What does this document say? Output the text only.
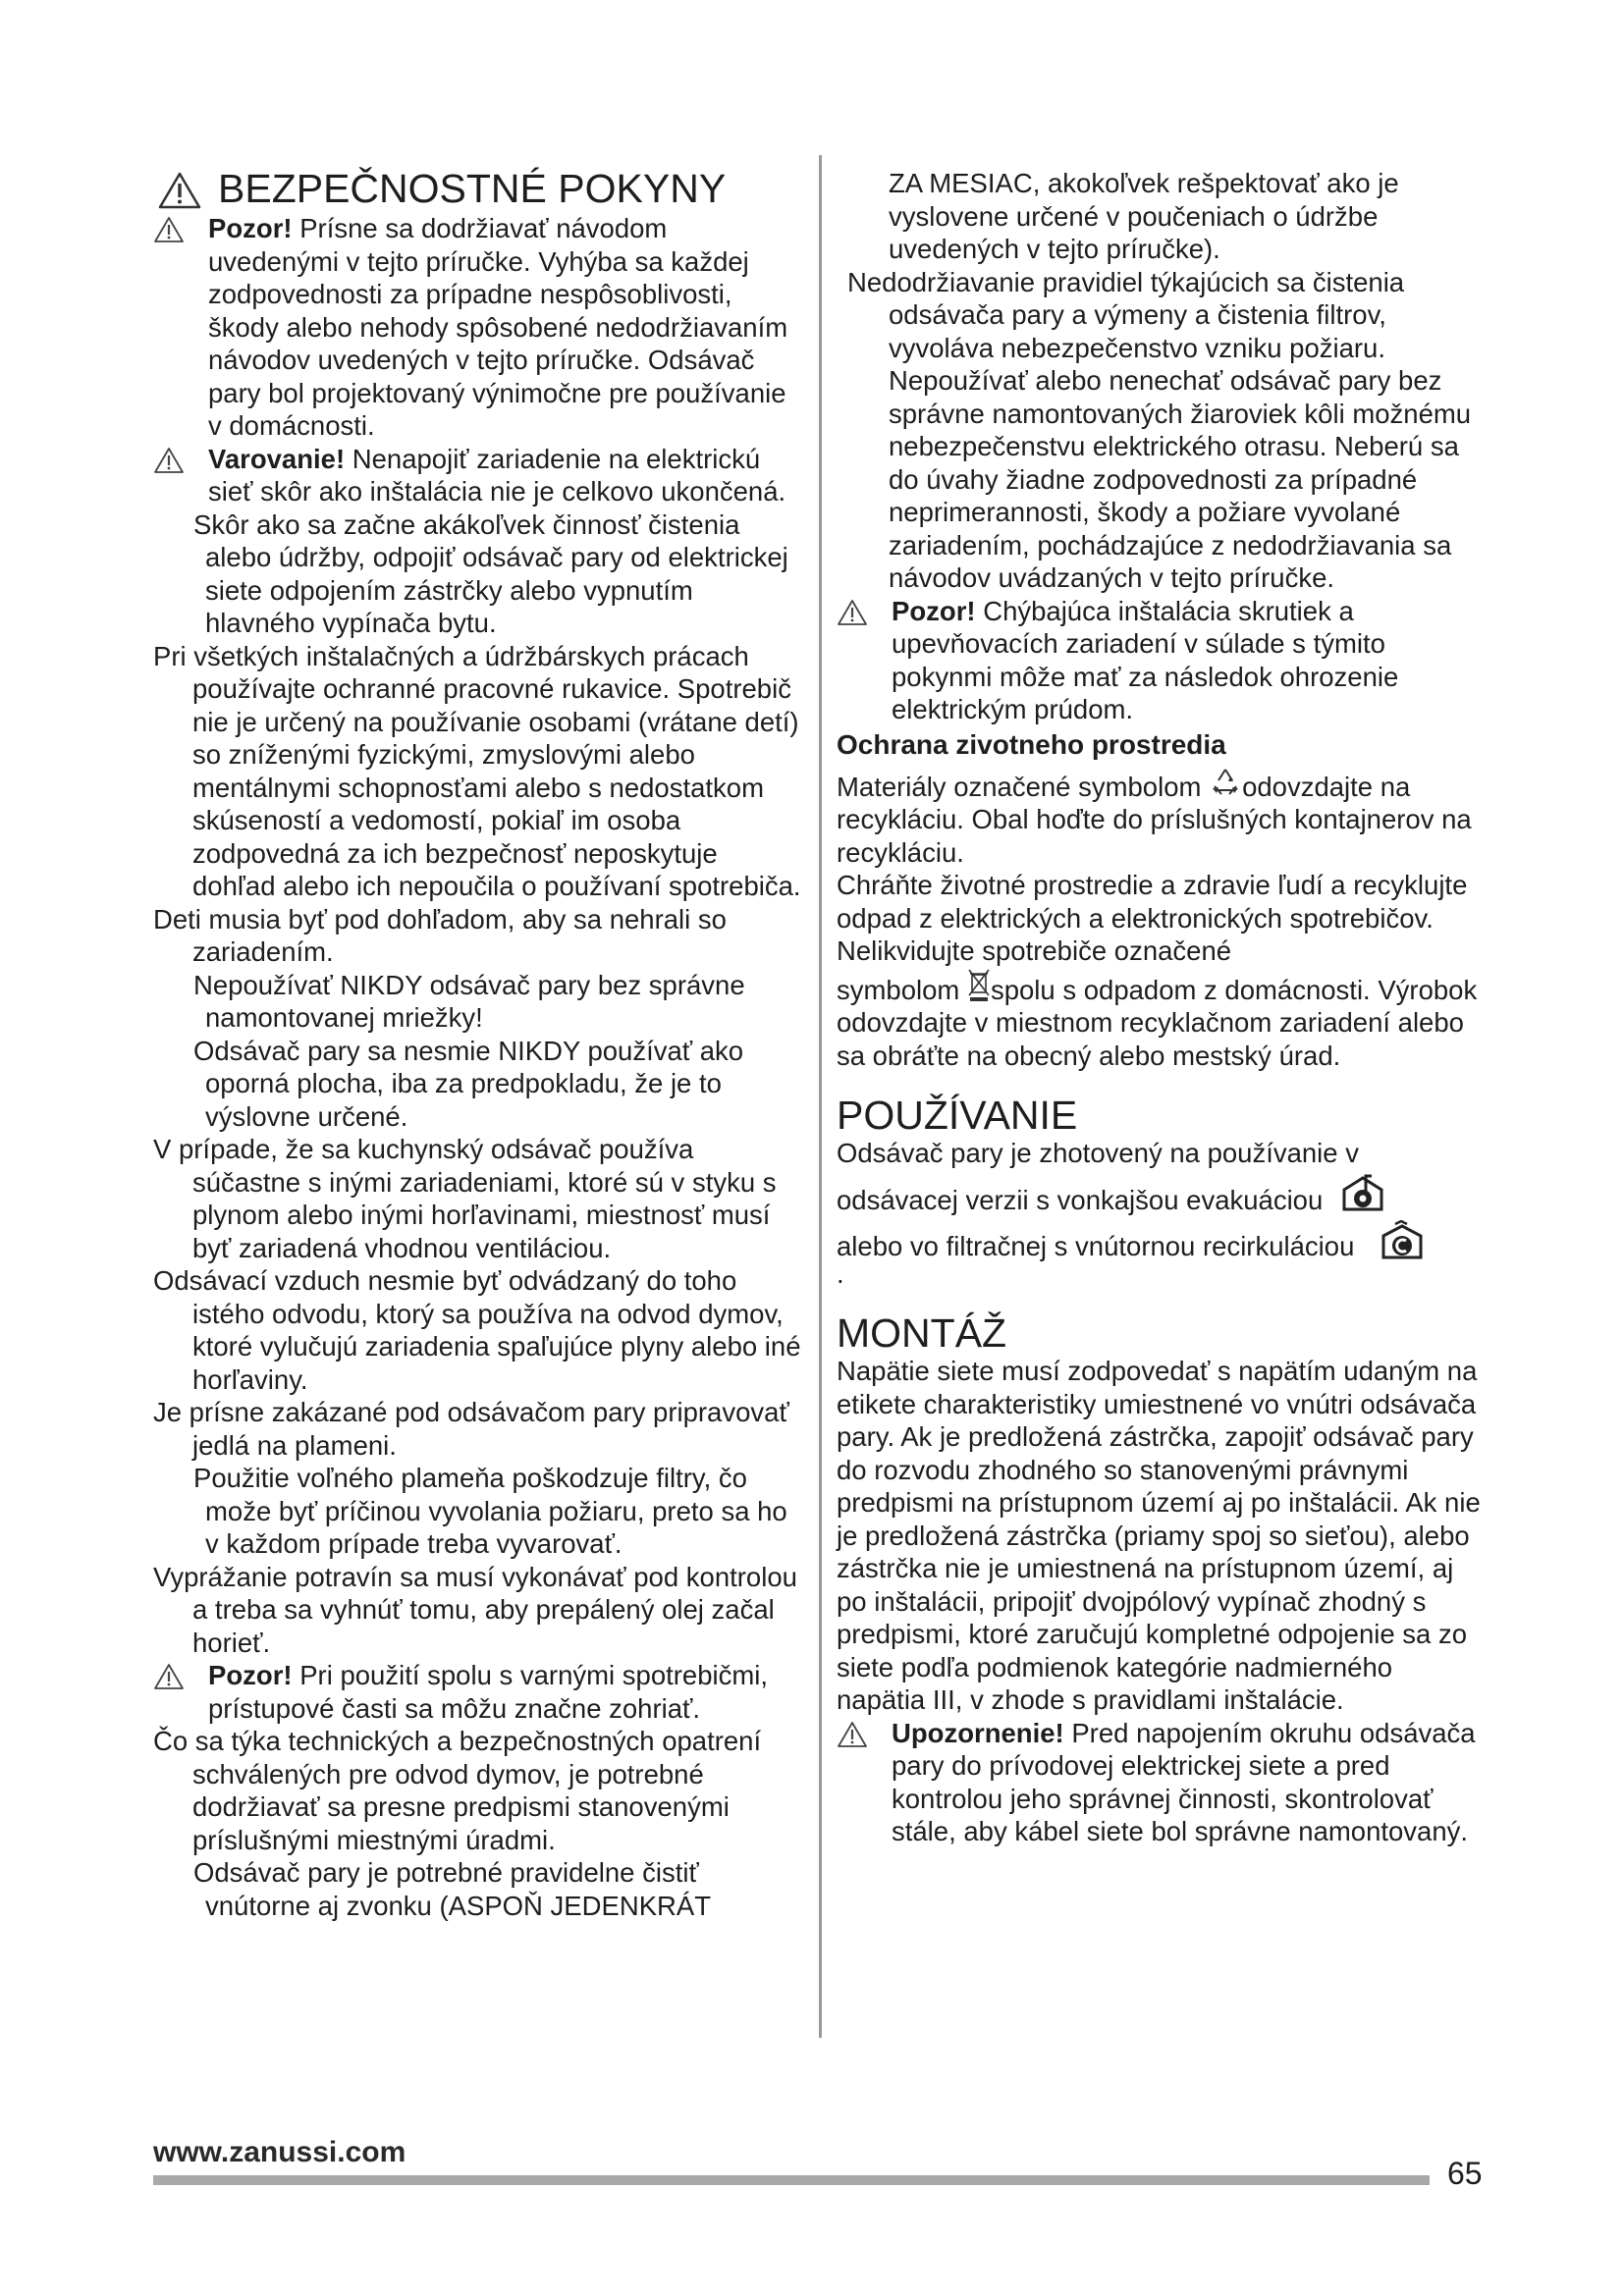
BEZPEČNOSTNÉ POKYNY
Pozor! Prísne sa dodržiavať návodom uvedenými v tejto príručke. Vyhýba sa každej zodpovednosti za prípadne nespôsoblivosti, škody alebo nehody spôsobené nedodržiavaním návodov uvedených v tejto príručke. Odsávač pary bol projektovaný výnimočne pre používanie v domácnosti.
Varovanie! Nenapojiť zariadenie na elektrickú sieť skôr ako inštalácia nie je celkovo ukončená.

Skôr ako sa začne akákoľvek činnosť čistenia alebo údržby, odpojiť odsávač pary od elektrickej siete odpojením zástrčky alebo vypnutím hlavného vypínača bytu.

Pri všetkých inštalačných a údržbárskych prácach používajte ochranné pracovné rukavice. Spotrebič nie je určený na používanie osobami (vrátane detí) so zníženými fyzickými, zmyslovými alebo mentálnymi schopnosťami alebo s nedostatkom skúseností a vedomostí, pokiaľ im osoba zodpovedná za ich bezpečnosť neposkytuje dohľad alebo ich nepoučila o používaní spotrebiča.

Deti musia byť pod dohľadom, aby sa nehrali so zariadením.

Nepoužívať NIKDY odsávač pary bez správne namontovanej mriežky!

Odsávač pary sa nesmie NIKDY používať ako oporná plocha, iba za predpokladu, že je to výslovne určené.

V prípade, že sa kuchynský odsávač používa súčastne s inými zariadeniami, ktoré sú v styku s plynom alebo inými horľavinami, miestnosť musí byť zariadená vhodnou ventiláciou.

Odsávací vzduch nesmie byť odvádzaný do toho istého odvodu, ktorý sa používa na odvod dymov, ktoré vylučujú zariadenia spaľujúce plyny alebo iné horľaviny.

Je prísne zakázané pod odsávačom pary pripravovať jedlá na plameni.

Použitie voľného plameňa poškodzuje filtry, čo može byť príčinou vyvolania požiaru, preto sa ho v každom prípade treba vyvarovať.

Vyprážanie potravín sa musí vykonávať pod kontrolou a treba sa vyhnúť tomu, aby prepálený olej začal horieť.

Pozor! Pri použití spolu s varnými spotrebičmi, prístupové časti sa môžu značne zohriať.

Čo sa týka technických a bezpečnostných opatrení schválených pre odvod dymov, je potrebné dodržiavať sa presne predpismi stanovenými príslušnými miestnými úradmi.

Odsávač pary je potrebné pravidelne čistiť vnútorne aj zvonku (ASPOŇ JEDENKRÁT

ZA MESIAC, akokoľvek rešpektovať ako je vyslovene určené v poučeniach o údržbe uvedených v tejto príručke).

Nedodržiavanie pravidiel týkajúcich sa čistenia odsávača pary a výmeny a čistenia filtrov, vyvoláva nebezpečenstvo vzniku požiaru. Nepoužívať alebo nenechať odsávač pary bez správne namontovaných žiaroviek kôli možnému nebezpečenstvu elektrického otrasu. Neberú sa do úvahy žiadne zodpovednosti za prípadné neprimerannosti, škody a požiare vyvolané zariadením, pochádzajúce z nedodržiavania sa návodov uvádzaných v tejto príručke.

Pozor! Chýbajúca inštalácia skrutiek a upevňovacích zariadení v súlade s týmito pokynmi môže mať za následok ohrozenie elektrickým prúdom.
Ochrana zivotneho prostredia

Materiály označené symbolom odovzdajte na recykláciu. Obal hoďte do príslušných kontajnerov na recykláciu.

Chráňte životné prostredie a zdravie ľudí a recyklujte odpad z elektrických a elektronických spotrebičov. Nelikvidujte spotrebiče označené

symbolom spolu s odpadom z domácnosti. Výrobok odovzdajte v miestnom recyklačnom zariadení alebo sa obráťte na obecný alebo mestský úrad.

POUŽÍVANIE

Odsávač pary je zhotovený na používanie v

odsávacej verzii s vonkajšou evakuáciou

alebo vo filtračnej s vnútornou recirkuláciou

.

MONTÁŽ

Napätie siete musí zodpovedať s napätím udaným na etikete charakteristiky umiestnené vo vnútri odsávača pary. Ak je predložená zástrčka, zapojiť odsávač pary do rozvodu zhodného so stanovenými právnymi predpismi na prístupnom území aj po inštalácii. Ak nie je predložená zástrčka (priamy spoj so sieťou), alebo zástrčka nie je umiestnená na prístupnom území, aj po inštalácii, pripojiť dvojpólový vypínač zhodný s predpismi, ktoré zaručujú kompletné odpojenie sa zo siete podľa podmienok kategórie nadmierného napätia III, v zhode s pravidlami inštalácie.

Upozornenie! Pred napojením okruhu odsávača pary do prívodovej elektrickej siete a pred kontrolou jeho správnej činnosti, skontrolovať stále, aby kábel siete bol správne namontovaný.
www.zanussi.com
65
